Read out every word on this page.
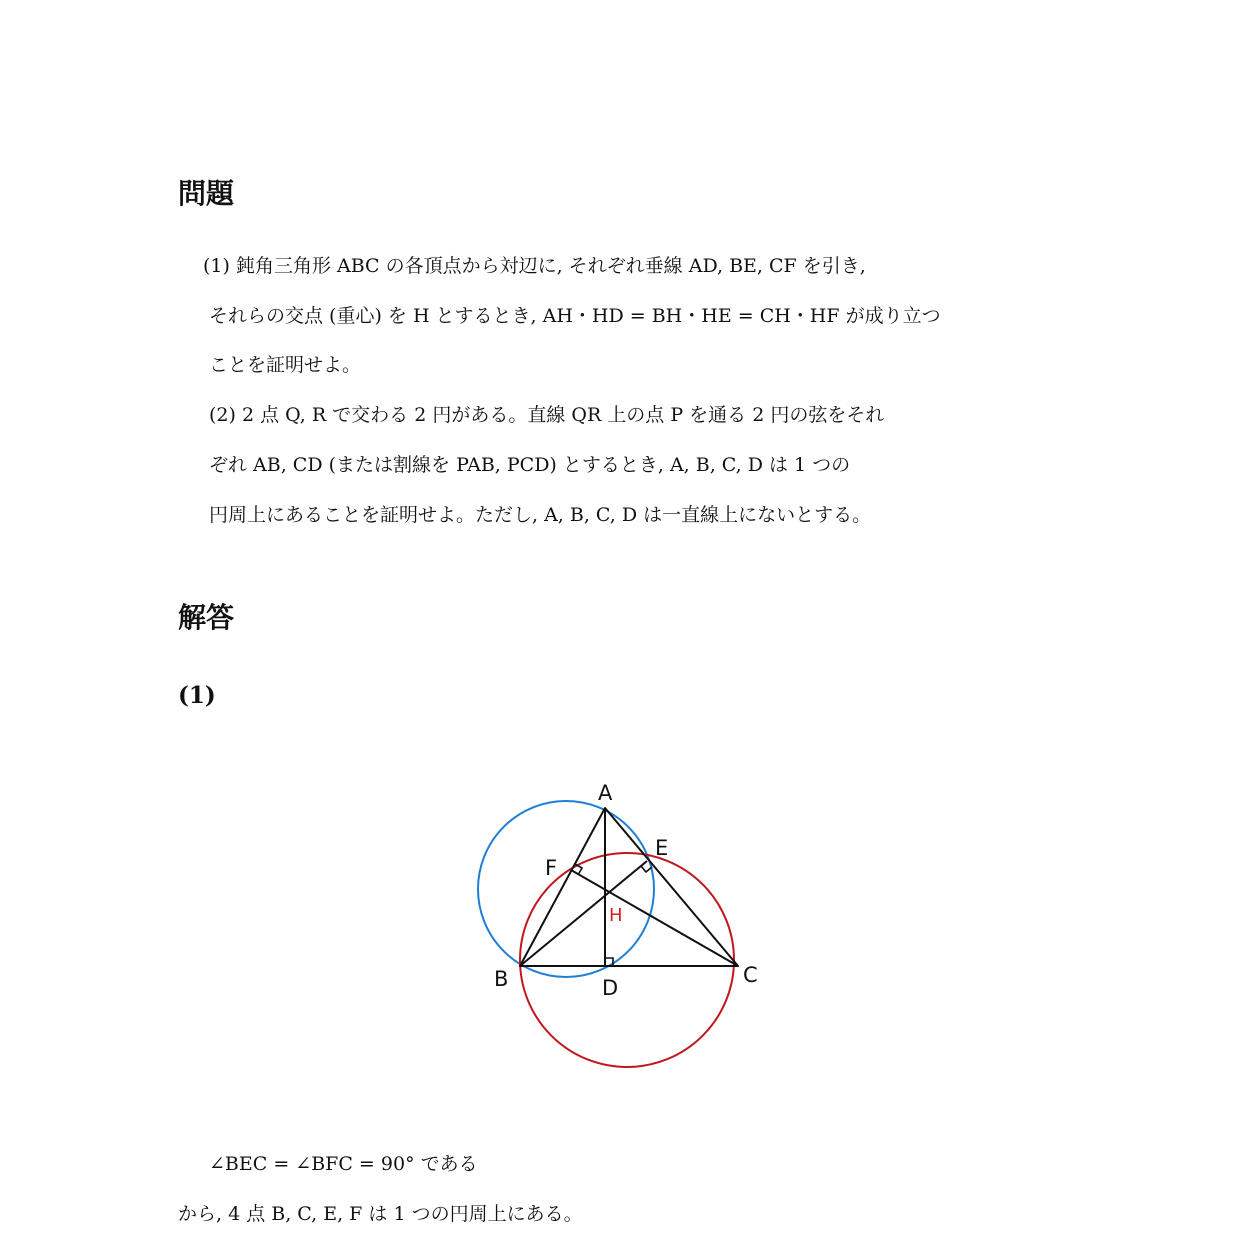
問題

(1) 鈍角三角形 ABC の各頂点から対辺に, それぞれ垂線 AD, BE, CF を引き,

それらの交点 (重心) を H とするとき, AH・HD = BH・HE = CH・HF が成り立つ

ことを証明せよ。

(2) 2 点 Q, R で交わる 2 円がある。直線 QR 上の点 P を通る 2 円の弦をそれ

ぞれ AB, CD (または割線を PAB, PCD) とするとき, A, B, C, D は 1 つの

円周上にあることを証明せよ。ただし, A, B, C, D は一直線上にないとする。

解答
(1)
A
B	C
D
E
F
H

∠BEC = ∠BFC = 90° である

から, 4 点 B, C, E, F は 1 つの円周上にある。
